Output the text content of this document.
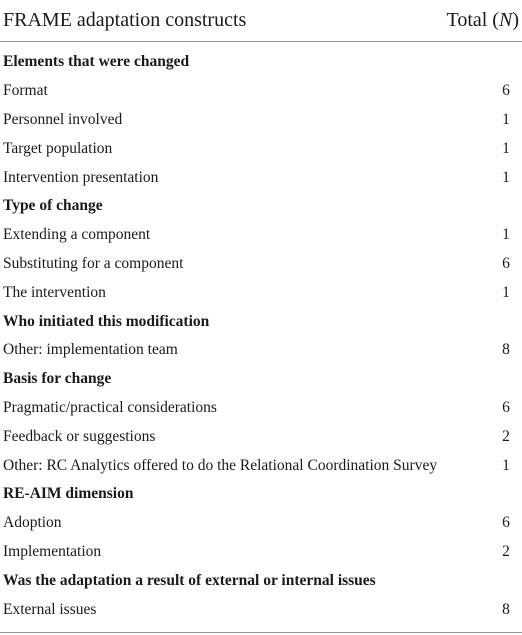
FRAME adaptation constructs	Total (N)
Elements that were changed
Format	6
Personnel involved	1
Target population	1
Intervention presentation	1
Type of change
Extending a component	1
Substituting for a component	6
The intervention	1
Who initiated this modification
Other: implementation team	8
Basis for change
Pragmatic/practical considerations	6
Feedback or suggestions	2
Other: RC Analytics offered to do the Relational Coordination Survey	1
RE-AIM dimension
Adoption	6
Implementation	2
Was the adaptation a result of external or internal issues
External issues	8
